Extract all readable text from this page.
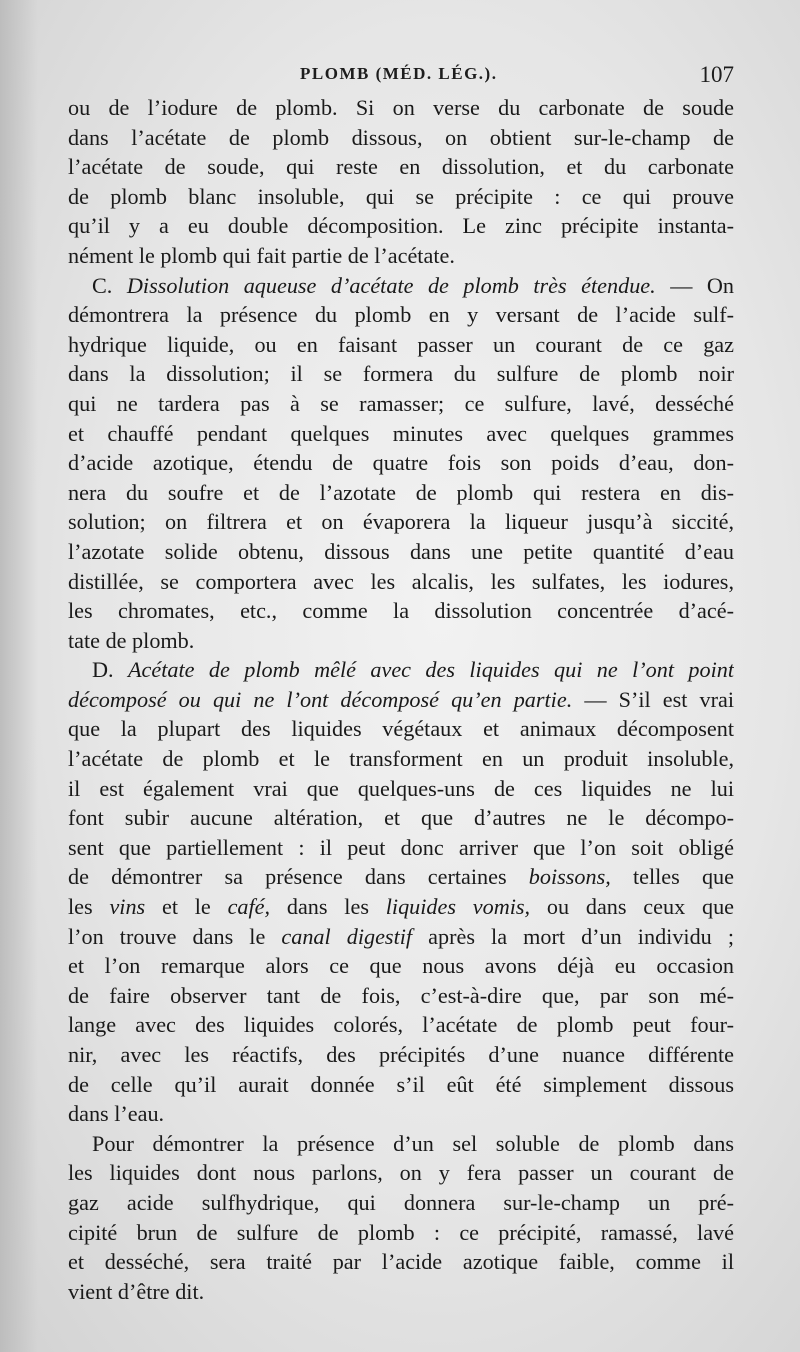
PLOMB (MÉD. LÉG.).	107
ou de l’iodure de plomb. Si on verse du carbonate de soude
dans l’acétate de plomb dissous, on obtient sur-le-champ de
l’acétate de soude, qui reste en dissolution, et du carbonate
de plomb blanc insoluble, qui se précipite : ce qui prouve
qu’il y a eu double décomposition. Le zinc précipite instanta-
nément le plomb qui fait partie de l’acétate.
C. Dissolution aqueuse d’acétate de plomb très étendue. — On
démontrera la présence du plomb en y versant de l’acide sulf-
hydrique liquide, ou en faisant passer un courant de ce gaz
dans la dissolution; il se formera du sulfure de plomb noir
qui ne tardera pas à se ramasser; ce sulfure, lavé, desséché
et chauffé pendant quelques minutes avec quelques grammes
d’acide azotique, étendu de quatre fois son poids d’eau, don-
nera du soufre et de l’azotate de plomb qui restera en dis-
solution; on filtrera et on évaporera la liqueur jusqu’à siccité,
l’azotate solide obtenu, dissous dans une petite quantité d’eau
distillée, se comportera avec les alcalis, les sulfates, les iodures,
les chromates, etc., comme la dissolution concentrée d’acé-
tate de plomb.
D. Acétate de plomb mêlé avec des liquides qui ne l’ont point
décomposé ou qui ne l’ont décomposé qu’en partie. — S’il est vrai
que la plupart des liquides végétaux et animaux décomposent
l’acétate de plomb et le transforment en un produit insoluble,
il est également vrai que quelques-uns de ces liquides ne lui
font subir aucune altération, et que d’autres ne le décompo-
sent que partiellement : il peut donc arriver que l’on soit obligé
de démontrer sa présence dans certaines boissons, telles que
les vins et le café, dans les liquides vomis, ou dans ceux que
l’on trouve dans le canal digestif après la mort d’un individu ;
et l’on remarque alors ce que nous avons déjà eu occasion
de faire observer tant de fois, c’est-à-dire que, par son mé-
lange avec des liquides colorés, l’acétate de plomb peut four-
nir, avec les réactifs, des précipités d’une nuance différente
de celle qu’il aurait donnée s’il eût été simplement dissous
dans l’eau.
Pour démontrer la présence d’un sel soluble de plomb dans
les liquides dont nous parlons, on y fera passer un courant de
gaz acide sulfhydrique, qui donnera sur-le-champ un pré-
cipité brun de sulfure de plomb : ce précipité, ramassé, lavé
et desséché, sera traité par l’acide azotique faible, comme il
vient d’être dit.
